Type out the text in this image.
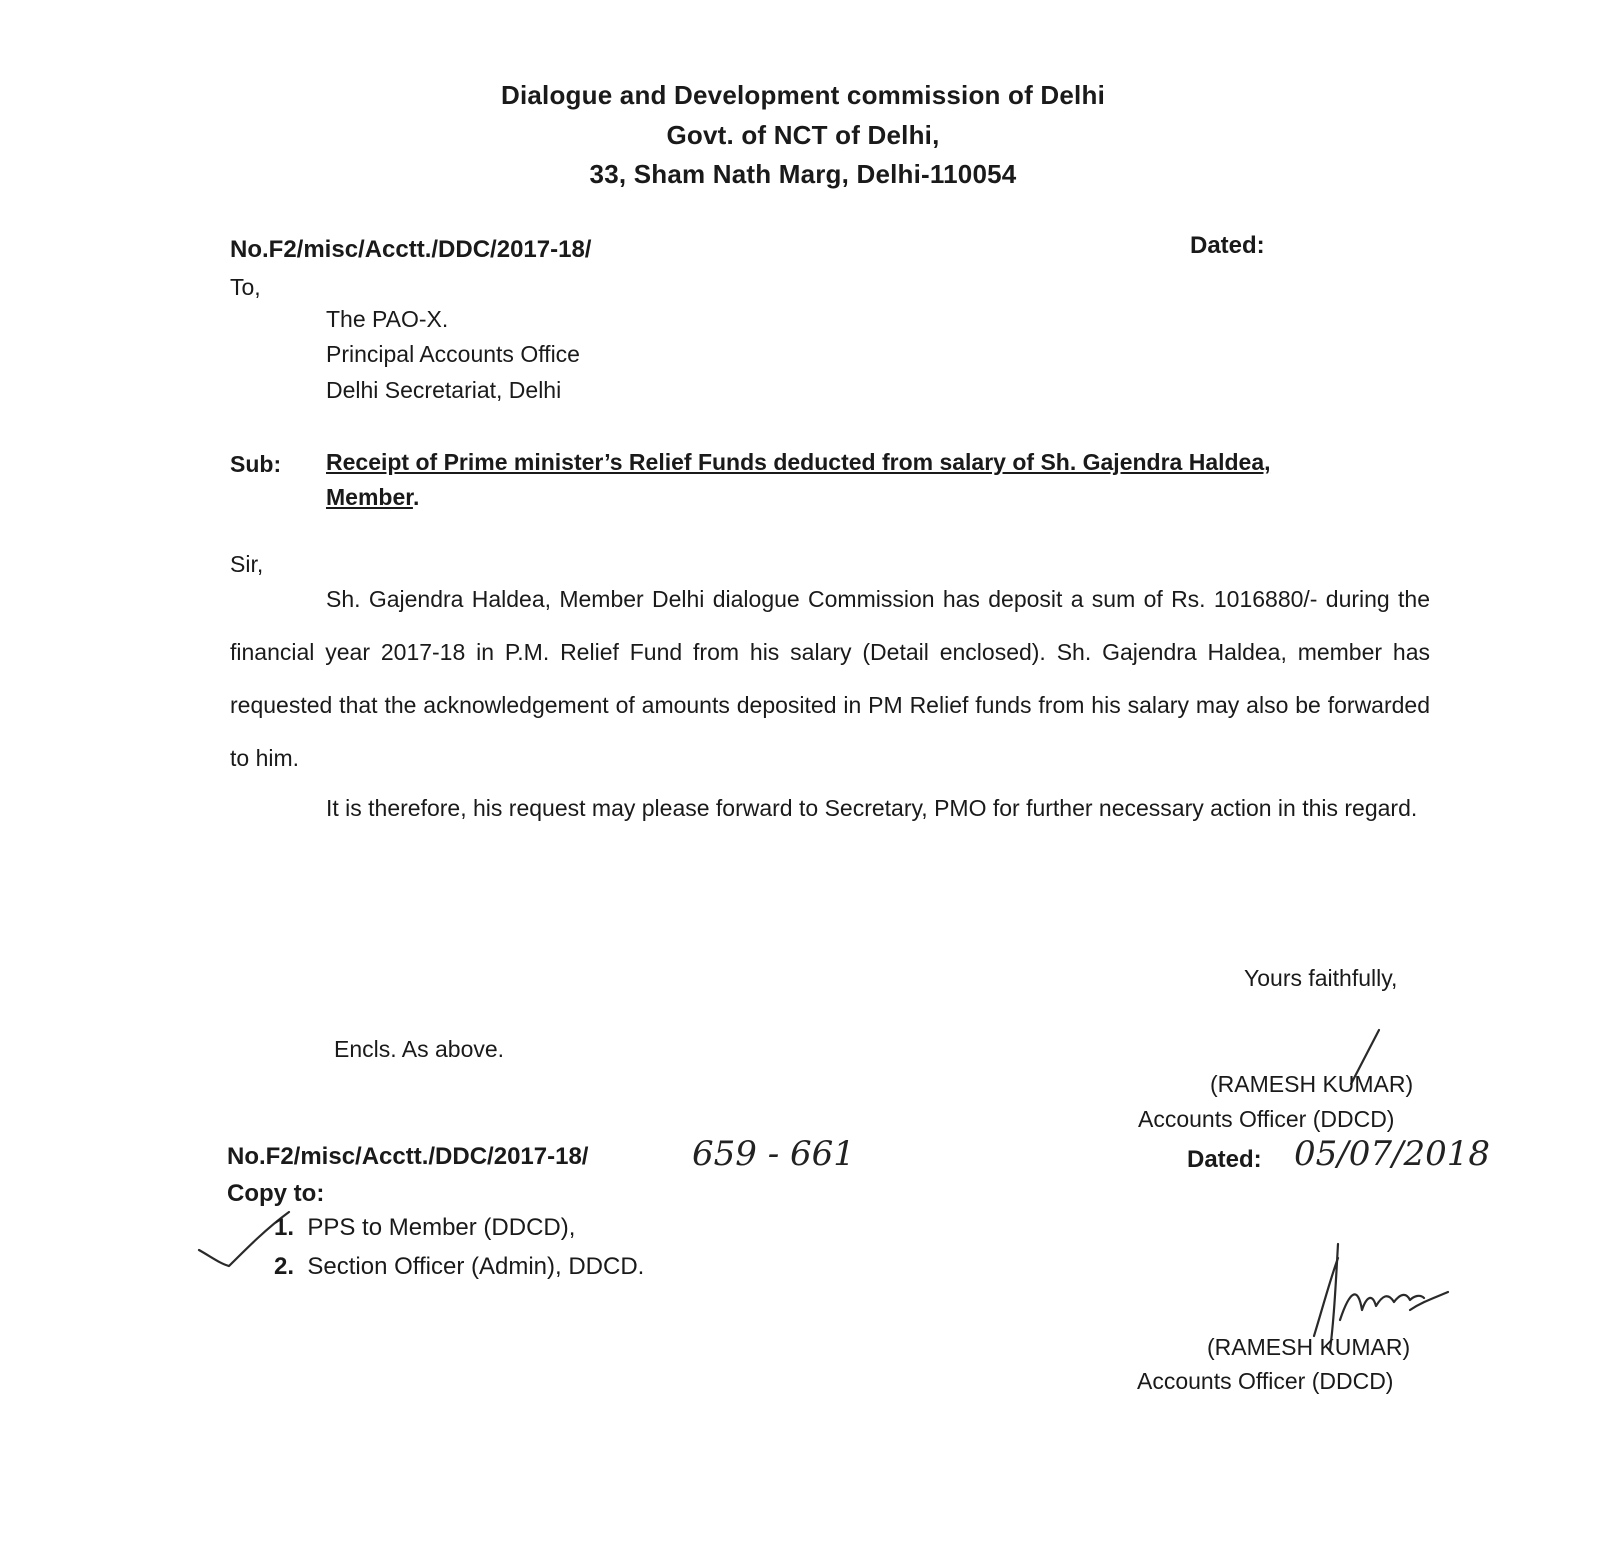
Dialogue and Development commission of Delhi
Govt. of NCT of Delhi,
33, Sham Nath Marg, Delhi-110054
No.F2/misc/Acctt./DDC/2017-18/	Dated:
To,
The PAO-X.
Principal Accounts Office
Delhi Secretariat, Delhi
Sub: Receipt of Prime minister’s Relief Funds deducted from salary of Sh. Gajendra Haldea,
Member.
Sir,
Sh. Gajendra Haldea, Member Delhi dialogue Commission has deposit a sum of Rs. 1016880/- during the financial year 2017-18 in P.M. Relief Fund from his salary (Detail enclosed). Sh. Gajendra Haldea, member has requested that the acknowledgement of amounts deposited in PM Relief funds from his salary may also be forwarded to him.
It is therefore, his request may please forward to Secretary, PMO for further necessary action in this regard.
Yours faithfully,
(RAMESH KUMAR)
Accounts Officer (DDCD)
Encls. As above.
No.F2/misc/Acctt./DDC/2017-18/	659 - 661	Dated: 05/07/2018
Copy to:
1. PPS to Member (DDCD),
2. Section Officer (Admin), DDCD.
(RAMESH KUMAR)
Accounts Officer (DDCD)
